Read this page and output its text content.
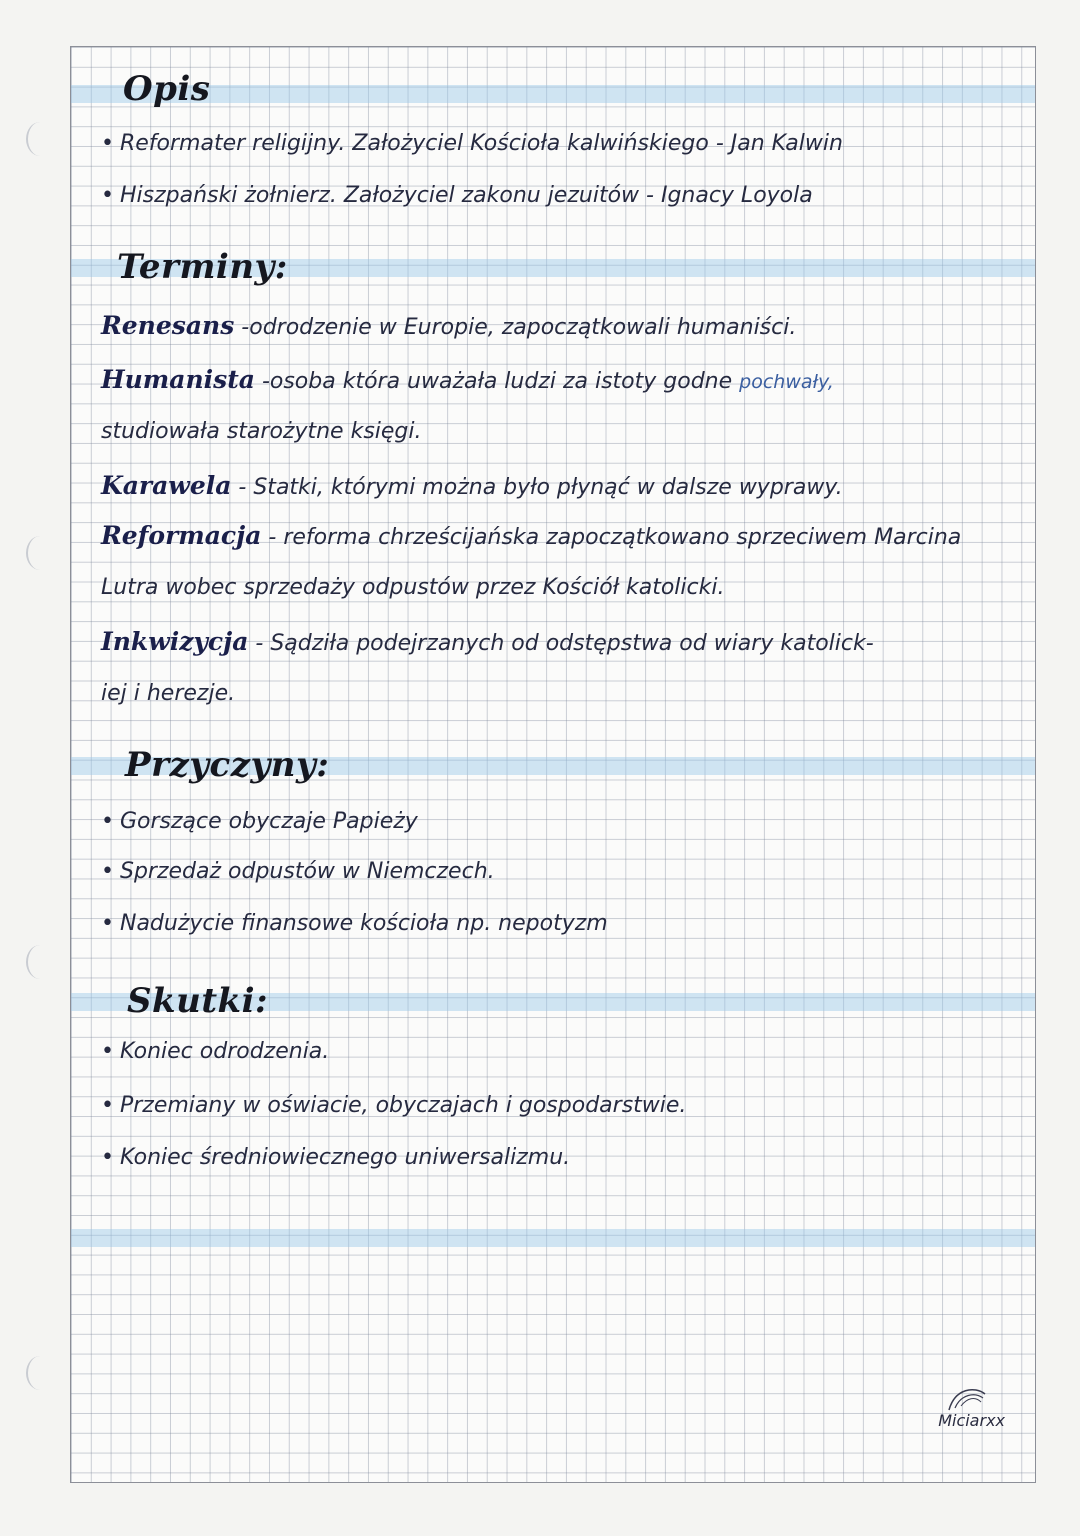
Opis

• Reformater religijny. Założyciel Kościoła kalwińskiego - Jan Kalwin

• Hiszpański żołnierz. Założyciel zakonu jezuitów - Ignacy Loyola

Terminy:

Renesans -odrodzenie w Europie, zapoczątkowali humaniści.

Humanista -osoba która uważała ludzi za istoty godne pochwały,

studiowała starożytne księgi.

Karawela - Statki, którymi można było płynąć w dalsze wyprawy.

Reformacja - reforma chrześcijańska zapoczątkowano sprzeciwem Marcina

Lutra wobec sprzedaży odpustów przez Kościół katolicki.

Inkwizycja - Sądziła podejrzanych od odstępstwa od wiary katolick-

iej i herezje.

Przyczyny:

• Gorszące obyczaje Papieży

• Sprzedaż odpustów w Niemczech.

• Nadużycie finansowe kościoła np. nepotyzm

Skutki:

• Koniec odrodzenia.

• Przemiany w oświacie, obyczajach i gospodarstwie.

• Koniec średniowiecznego uniwersalizmu.

Miciarxx
